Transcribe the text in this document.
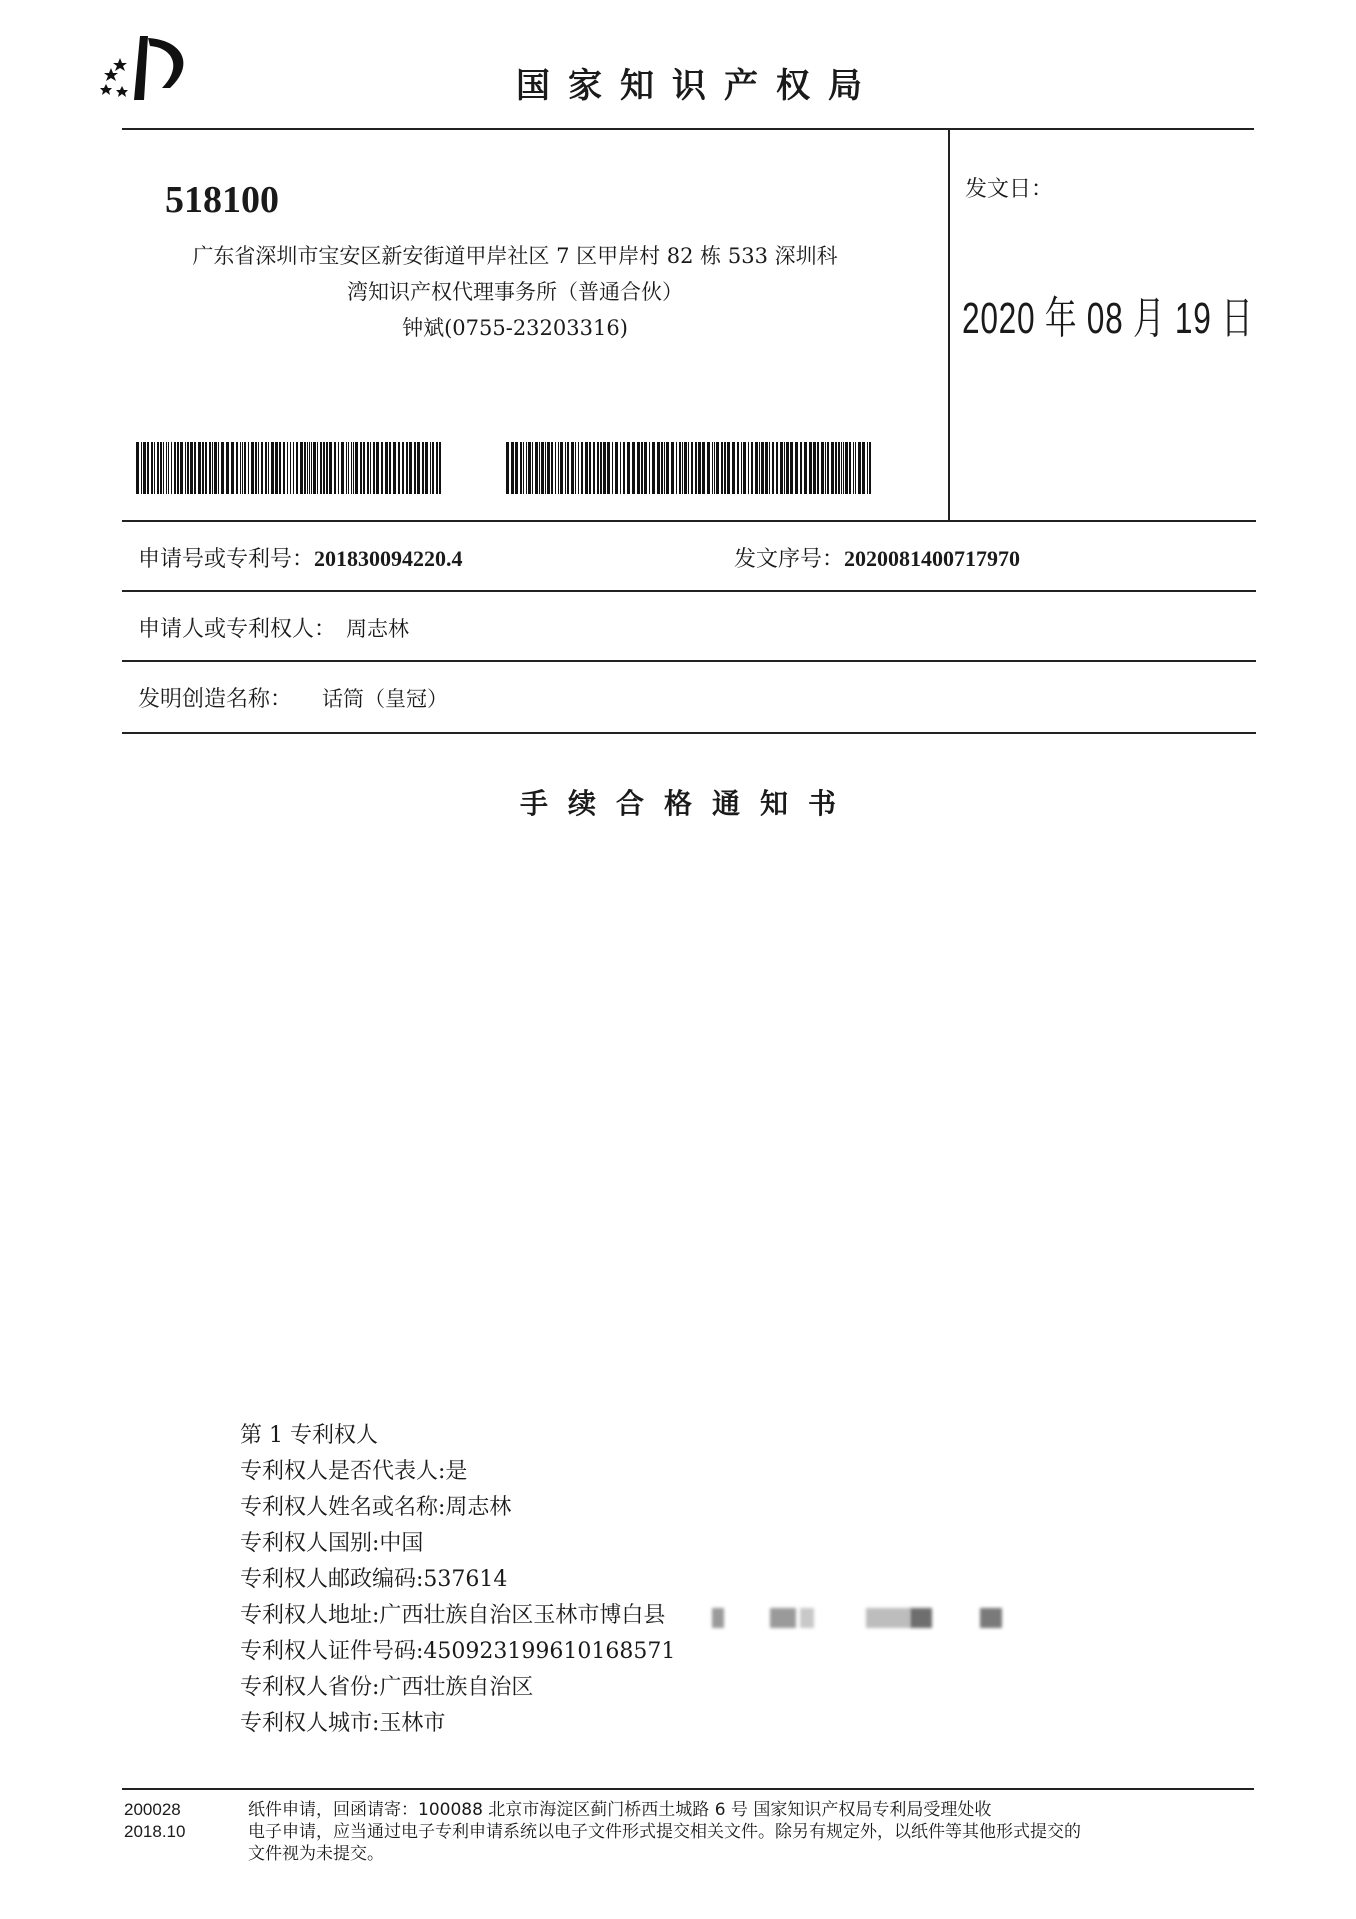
国家知识产权局
518100
广东省深圳市宝安区新安街道甲岸社区 7 区甲岸村 82 栋 533 深圳科
湾知识产权代理事务所（普通合伙）
钟斌(0755-23203316)
发文日：
2020 年 08 月 19 日
申请号或专利号：201830094220.4	发文序号：2020081400717970
申请人或专利权人： 周志林
发明创造名称： 话筒（皇冠）
手续合格通知书
第 1 专利权人
专利权人是否代表人:是
专利权人姓名或名称:周志林
专利权人国别:中国
专利权人邮政编码:537614
专利权人地址:广西壮族自治区玉林市博白县
专利权人证件号码:450923199610168571
专利权人省份:广西壮族自治区
专利权人城市:玉林市
200028
2018.10
纸件申请，回函请寄：100088 北京市海淀区蓟门桥西土城路 6 号 国家知识产权局专利局受理处收
电子申请，应当通过电子专利申请系统以电子文件形式提交相关文件。除另有规定外，以纸件等其他形式提交的
文件视为未提交。
